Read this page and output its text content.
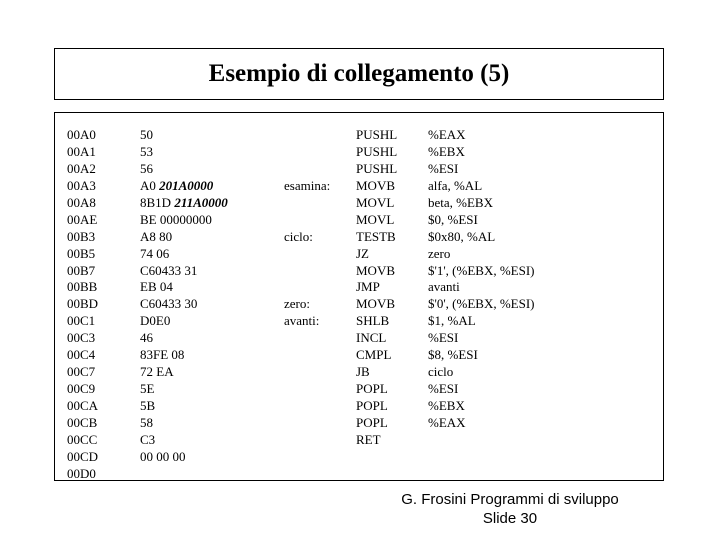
Esempio di collegamento (5)
00A0
00A1
00A2
00A3
00A8
00AE
00B3
00B5
00B7
00BB
00BD
00C1
00C3
00C4
00C7
00C9
00CA
00CB
00CC
00CD
00D0
50
53
56
A0 201A0000
8B1D 211A0000
BE 00000000
A8 80
74 06
C60433 31
EB 04
C60433 30
D0E0
46
83FE 08
72 EA
5E
5B
58
C3
00 00 00
esamina:
ciclo:
zero:
avanti:
PUSHL
PUSHL
PUSHL
MOVB
MOVL
MOVL
TESTB
JZ
MOVB
JMP
MOVB
SHLB
INCL
CMPL
JB
POPL
POPL
POPL
RET
%EAX
%EBX
%ESI
alfa, %AL
beta, %EBX
$0, %ESI
$0x80, %AL
zero
$'1', (%EBX, %ESI)
avanti
$'0', (%EBX, %ESI)
$1, %AL
%ESI
$8, %ESI
ciclo
%ESI
%EBX
%EAX
G. Frosini Programmi di sviluppo
Slide 30
